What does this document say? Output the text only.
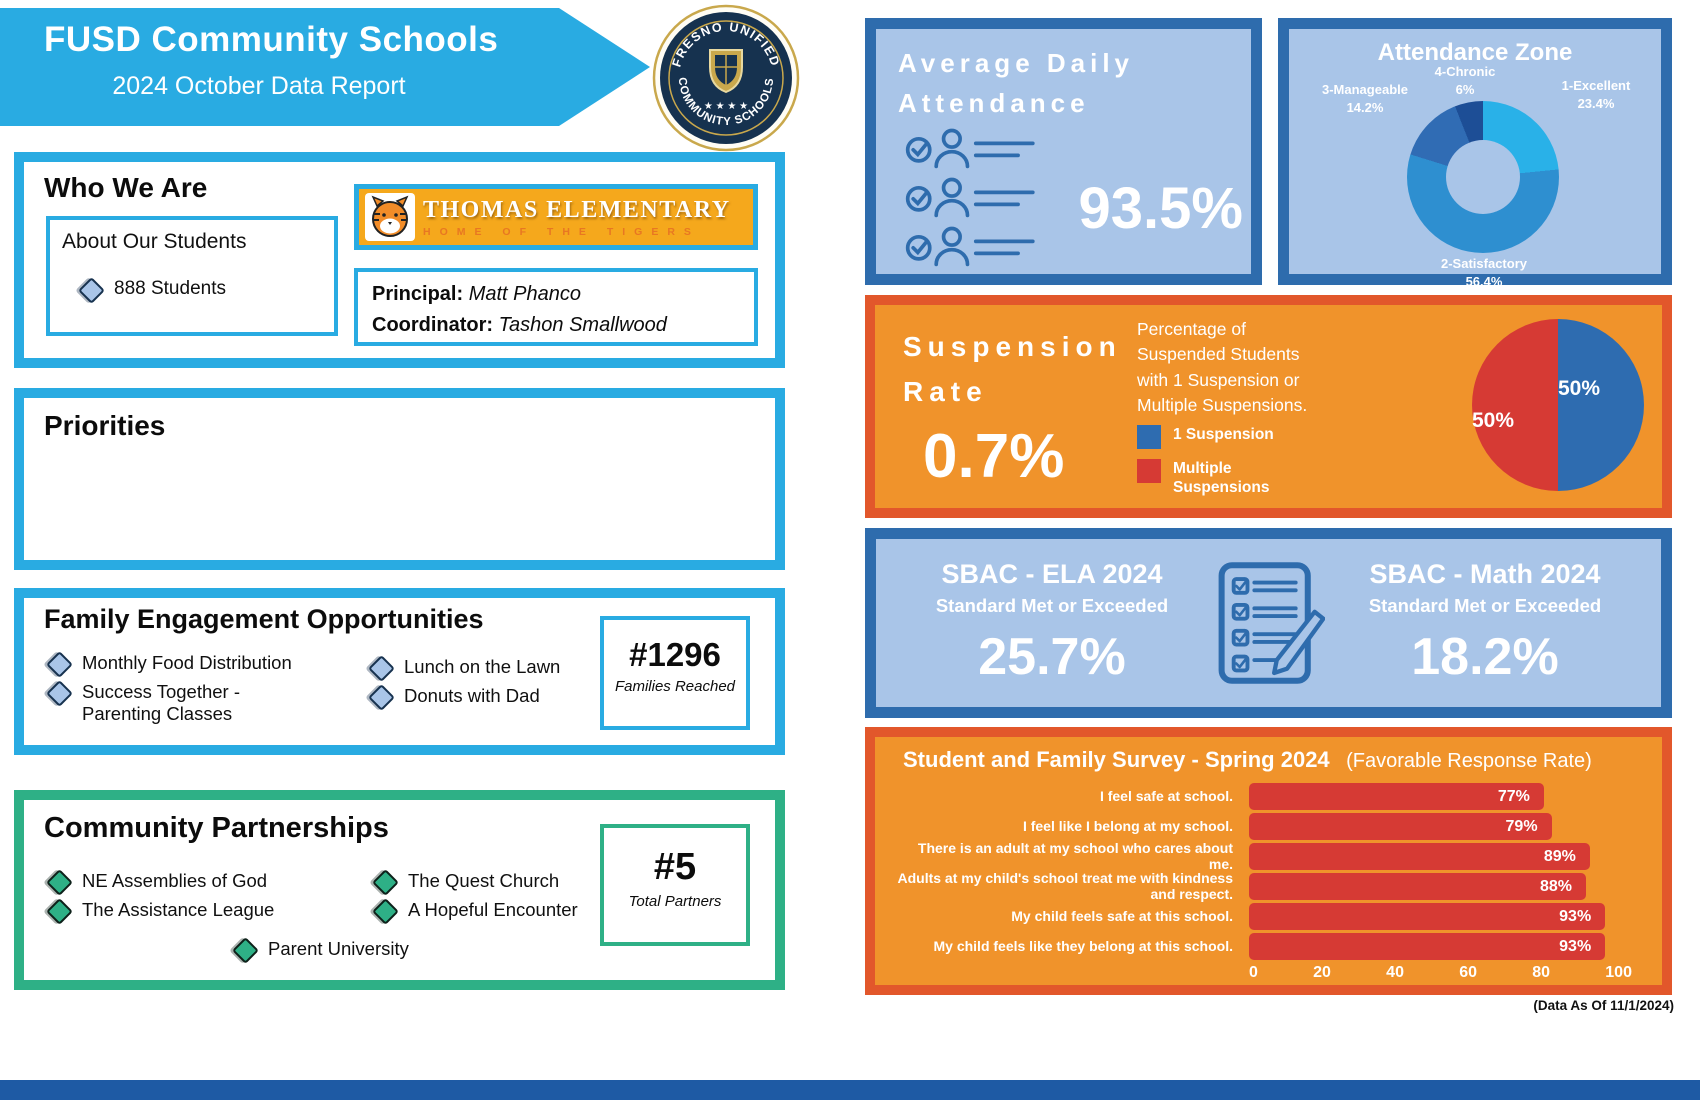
FUSD Community Schools
2024 October Data Report
FRESNO UNIFIED
COMMUNITY SCHOOLS
★ ★ ★ ★
Who We Are
About Our Students
888 Students
THOMAS ELEMENTARY
HOME OF THE TIGERS
Principal: Matt Phanco
Coordinator: Tashon Smallwood
Priorities
Family Engagement Opportunities
Monthly Food Distribution
Success Together - Parenting Classes
Lunch on the Lawn
Donuts with Dad
#1296
Families Reached
Community Partnerships
NE Assemblies of God
The Assistance League
The Quest Church
A Hopeful Encounter
Parent University
#5
Total Partners
Average Daily
Attendance
93.5%
Attendance Zone
4-Chronic
6%
3-Manageable
14.2%
1-Excellent
23.4%
2-Satisfactory
56.4%
Suspension
Rate
0.7%
Percentage of Suspended Students with 1 Suspension or Multiple Suspensions.
1 Suspension
Multiple Suspensions
50%
50%
SBAC - ELA 2024
Standard Met or Exceeded
25.7%
SBAC - Math 2024
Standard Met or Exceeded
18.2%
Student and Family Survey - Spring 2024 (Favorable Response Rate)
I feel safe at school.	77%
I feel like I belong at my school.	79%
There is an adult at my school who cares about me.	89%
Adults at my child's school treat me with kindness and respect.	88%
My child feels safe at this school.	93%
My child feels like they belong at this school.	93%
0	20	40	60	80	100
(Data As Of 11/1/2024)
